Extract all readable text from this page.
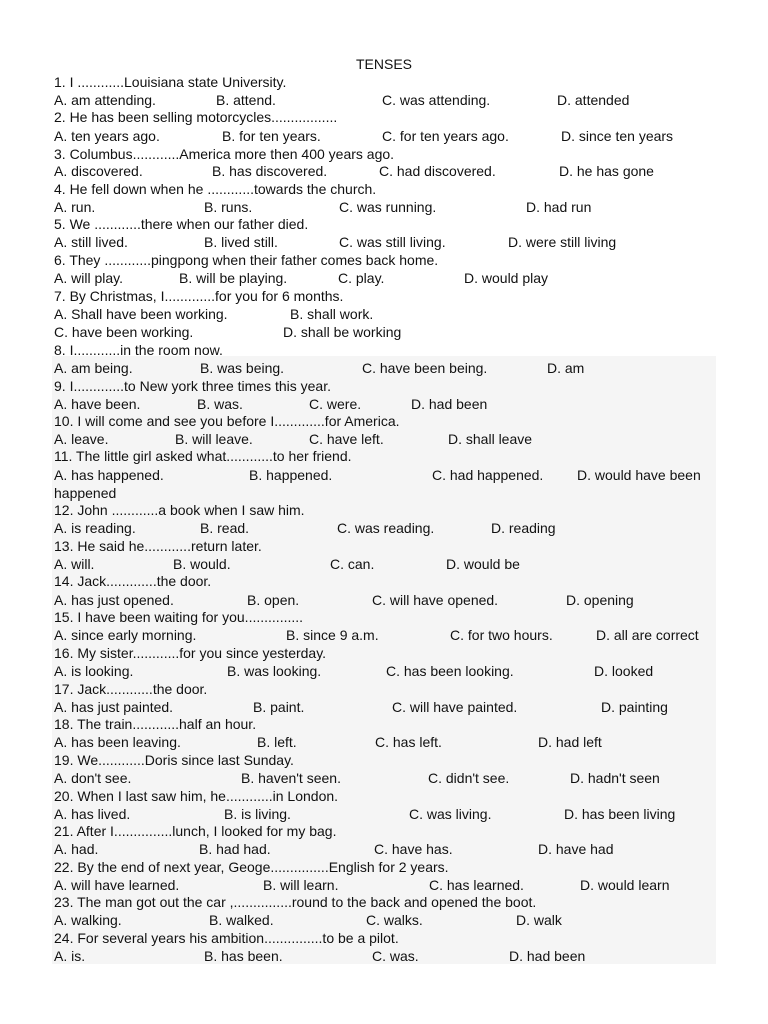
TENSES
1. I ............Louisiana state University.
A. am attending.	B. attend.	C. was attending.	D. attended
2. He has been selling motorcycles.................
A. ten years ago.	B. for ten years.	C. for ten years ago.	D. since ten years
3. Columbus............America more then 400 years ago.
A. discovered.	B. has discovered.	C. had discovered.	D. he has gone
4. He fell down when he ............towards the church.
A. run.	B. runs.	C. was running.	D. had run
5. We ............there when our father died.
A. still lived.	B. lived still.	C. was still living.	D. were still living
6. They ............pingpong when their father comes back home.
A. will play.	B. will be playing.	C. play.	D. would play
7. By Christmas, I.............for you for 6 months.
A. Shall have been working.	B. shall work.
C. have been working.	D. shall be working
8. I............in the room now.
A. am being.	B. was being.	C. have been being.	D. am
9. I.............to New york three times this year.
A. have been.	B. was.	C. were.	D. had been
10. I will come and see you before I.............for America.
A. leave.	B. will leave.	C. have left.	D. shall leave
11. The little girl asked what............to her friend.
A. has happened.	B. happened.	C. had happened. D. would have been
happened
12. John ............a book when I saw him.
A. is reading.	B. read.	C. was reading.	D. reading
13. He said he............return later.
A. will.	B. would.	C. can.	D. would be
14. Jack.............the door.
A. has just opened.	B. open.	C. will have opened.	D. opening
15. I have been waiting for you...............
A. since early morning.	B. since 9 a.m.	C. for two hours.	D. all are correct
16. My sister............for you since yesterday.
A. is looking.	B. was looking.	C. has been looking.	D. looked
17. Jack............the door.
A. has just painted.	B. paint.	C. will have painted.	D. painting
18. The train............half an hour.
A. has been leaving.	B. left.	C. has left.	D. had left
19. We............Doris since last Sunday.
A. don't see.	B. haven't seen.	C. didn't see.	D. hadn't seen
20. When I last saw him, he............in London.
A. has lived.	B. is living.	C. was living.	D. has been living
21. After I...............lunch, I looked for my bag.
A. had.	B. had had.	C. have has.	D. have had
22. By the end of next year, Geoge...............English for 2 years.
A. will have learned.	B. will learn.	C. has learned.	D. would learn
23. The man got out the car ,...............round to the back and opened the boot.
A. walking.	B. walked.	C. walks.	D. walk
24. For several years his ambition...............to be a pilot.
A. is.	B. has been.	C. was.	D. had been
